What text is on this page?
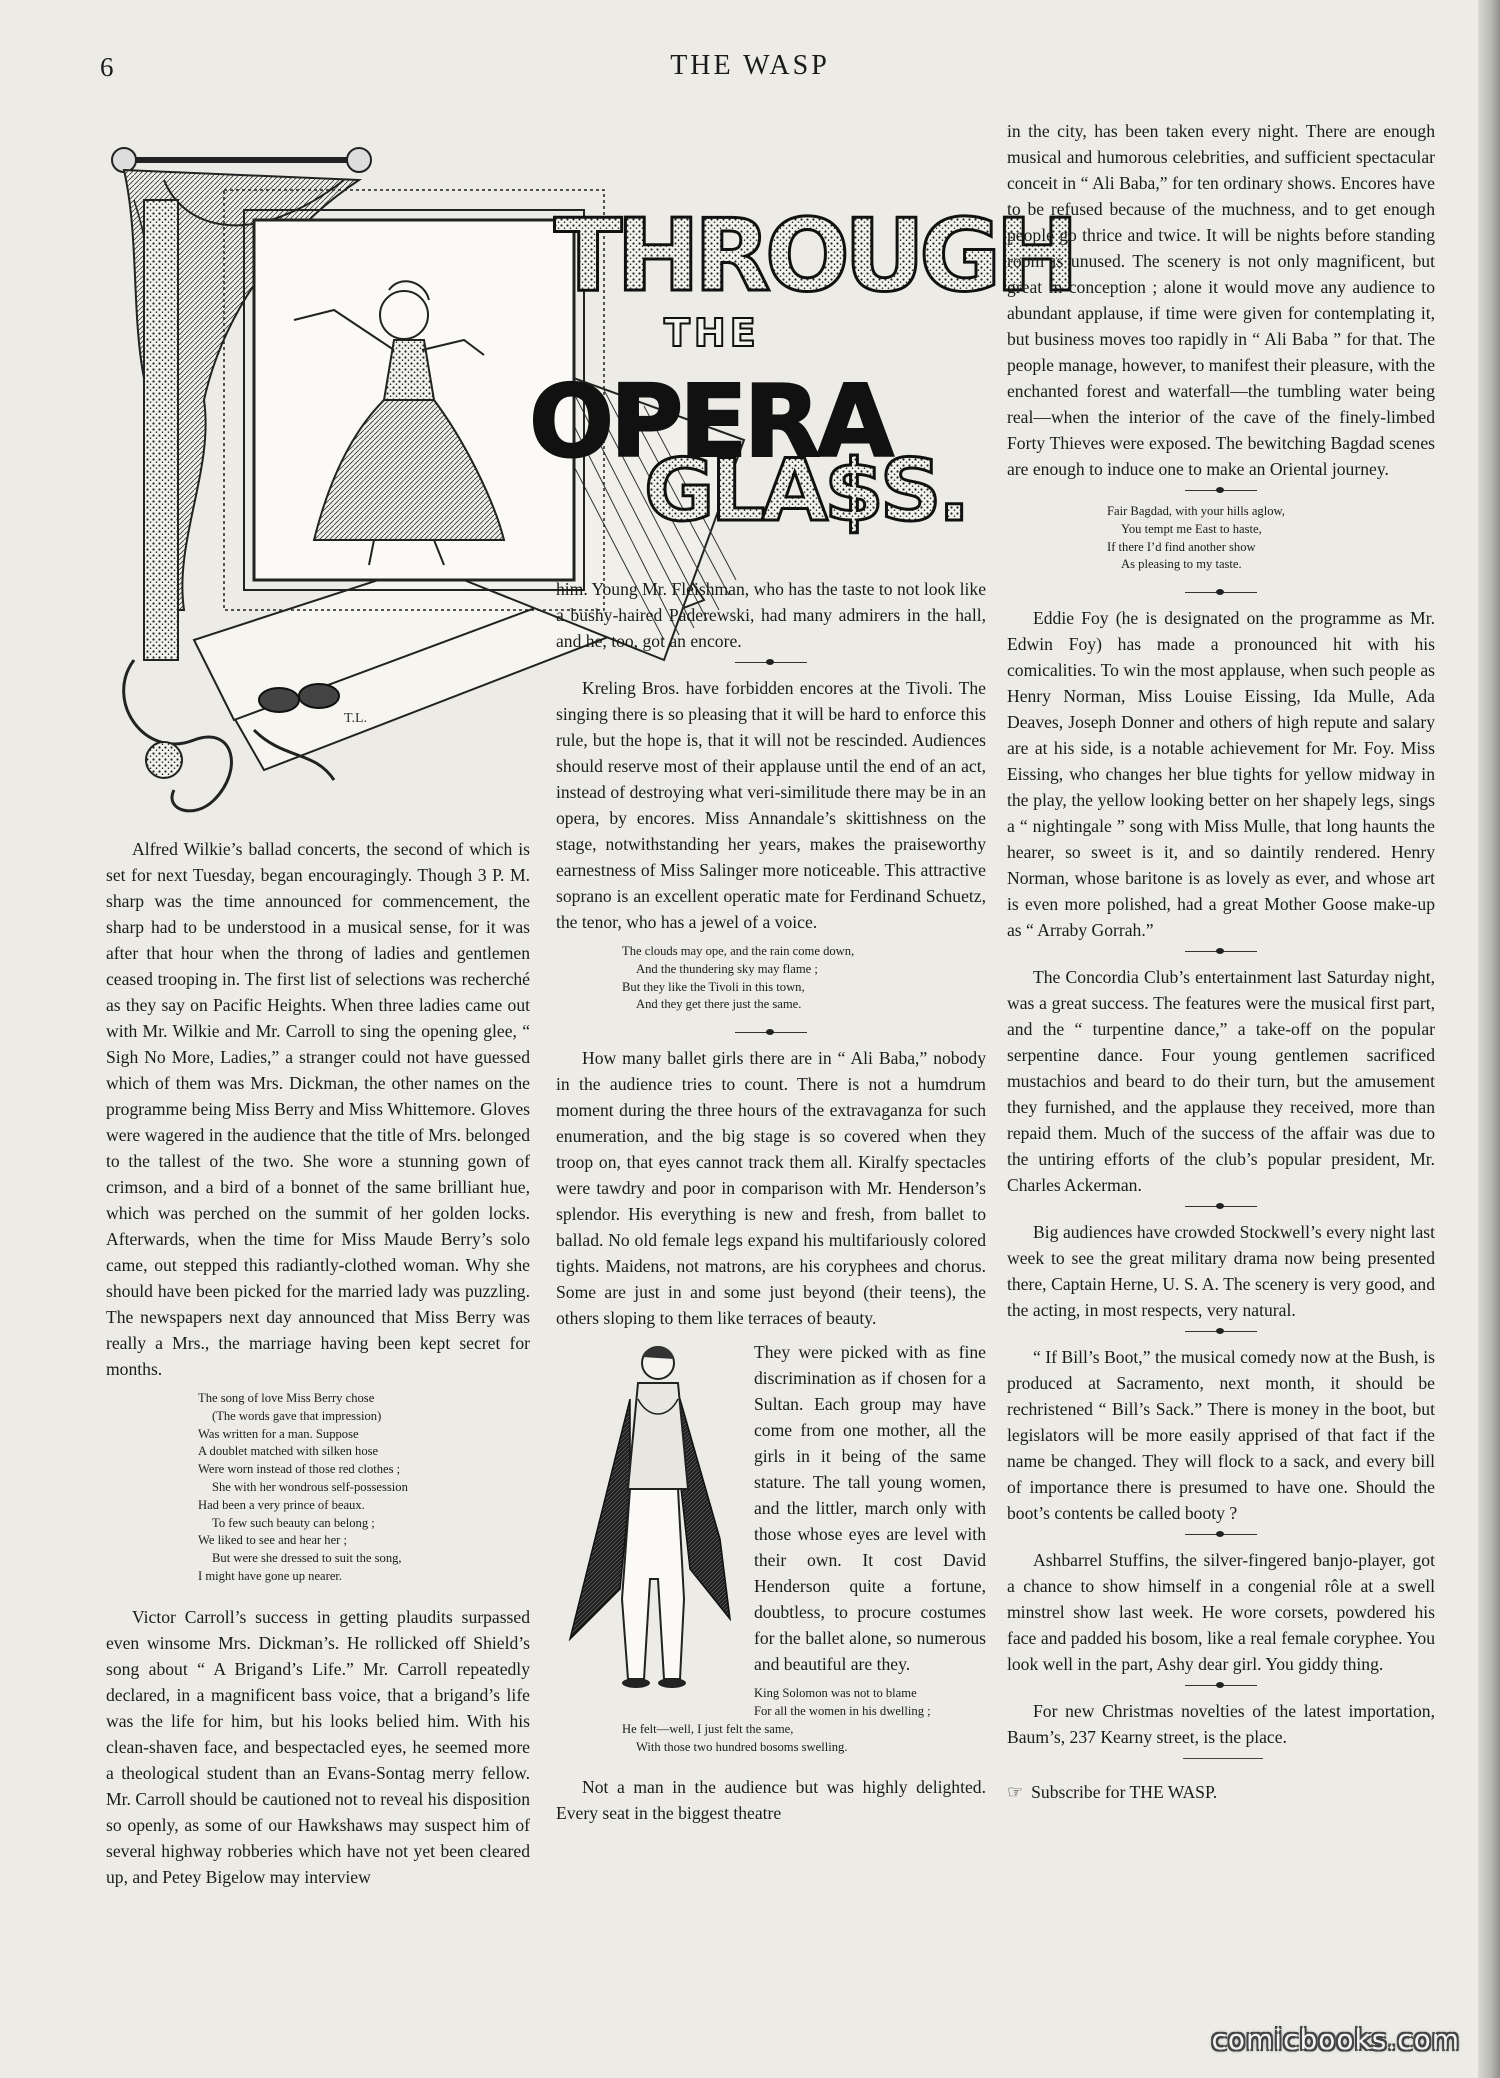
6	THE WASP
T.L.
THROUGH
THE
OPERA
GLA$S.

Alfred Wilkie’s ballad concerts, the second of which is set for next Tuesday, began encouragingly. Though 3 P. M. sharp was the time announced for commencement, the sharp had to be understood in a musical sense, for it was after that hour when the throng of ladies and gentlemen ceased trooping in. The first list of selections was recherché as they say on Pacific Heights. When three ladies came out with Mr. Wilkie and Mr. Carroll to sing the opening glee, “ Sigh No More, Ladies,” a stranger could not have guessed which of them was Mrs. Dickman, the other names on the programme being Miss Berry and Miss Whittemore. Gloves were wagered in the audience that the title of Mrs. belonged to the tallest of the two. She wore a stunning gown of crimson, and a bird of a bonnet of the same brilliant hue, which was perched on the summit of her golden locks. Afterwards, when the time for Miss Maude Berry’s solo came, out stepped this radiantly-clothed woman. Why she should have been picked for the married lady was puzzling. The newspapers next day announced that Miss Berry was really a Mrs., the marriage having been kept secret for months.

The song of love Miss Berry chose
(The words gave that impression)
Was written for a man. Suppose
A doublet matched with silken hose
Were worn instead of those red clothes ;
She with her wondrous self-possession
Had been a very prince of beaux.
To few such beauty can belong ;
We liked to see and hear her ;
But were she dressed to suit the song,
I might have gone up nearer.

Victor Carroll’s success in getting plaudits surpassed even winsome Mrs. Dickman’s. He rollicked off Shield’s song about “ A Brigand’s Life.” Mr. Carroll repeatedly declared, in a magnificent bass voice, that a brigand’s life was the life for him, but his looks belied him. With his clean-shaven face, and bespectacled eyes, he seemed more a theological student than an Evans-Sontag merry fellow. Mr. Carroll should be cautioned not to reveal his disposition so openly, as some of our Hawkshaws may suspect him of several highway robberies which have not yet been cleared up, and Petey Bigelow may interview

him. Young Mr. Fleishman, who has the taste to not look like a bushy-haired Paderewski, had many admirers in the hall, and he, too, got an encore.

Kreling Bros. have forbidden encores at the Tivoli. The singing there is so pleasing that it will be hard to enforce this rule, but the hope is, that it will not be rescinded. Audiences should reserve most of their applause until the end of an act, instead of destroying what veri-similitude there may be in an opera, by encores. Miss Annandale’s skittishness on the stage, notwithstanding her years, makes the praiseworthy earnestness of Miss Salinger more noticeable. This attractive soprano is an excellent operatic mate for Ferdinand Schuetz, the tenor, who has a jewel of a voice.

The clouds may ope, and the rain come down,
And the thundering sky may flame ;
But they like the Tivoli in this town,
And they get there just the same.

How many ballet girls there are in “ Ali Baba,” nobody in the audience tries to count. There is not a humdrum moment during the three hours of the extravaganza for such enumeration, and the big stage is so covered when they troop on, that eyes cannot track them all. Kiralfy spectacles were tawdry and poor in comparison with Mr. Henderson’s splendor. His everything is new and fresh, from ballet to ballad. No old female legs expand his multifariously colored tights. Maidens, not matrons, are his coryphees and chorus. Some are just in and some just beyond (their teens), the others sloping to them like terraces of beauty.

They were picked with as fine discrimination as if chosen for a Sultan. Each group may have come from one mother, all the girls in it being of the same stature. The tall young women, and the littler, march only with those whose eyes are level with their own. It cost David Henderson quite a fortune, doubtless, to procure costumes for the ballet alone, so numerous and beautiful are they.

King Solomon was not to blame
For all the women in his dwelling ;
He felt—well, I just felt the same,
With those two hundred bosoms swelling.

Not a man in the audience but was highly delighted. Every seat in the biggest theatre

in the city, has been taken every night. There are enough musical and humorous celebrities, and sufficient spectacular conceit in “ Ali Baba,” for ten ordinary shows. Encores have to be refused because of the muchness, and to get enough people go thrice and twice. It will be nights before standing room is unused. The scenery is not only magnificent, but great in conception ; alone it would move any audience to abundant applause, if time were given for contemplating it, but business moves too rapidly in “ Ali Baba ” for that. The people manage, however, to manifest their pleasure, with the enchanted forest and waterfall—the tumbling water being real—when the interior of the cave of the finely-limbed Forty Thieves were exposed. The bewitching Bagdad scenes are enough to induce one to make an Oriental journey.

Fair Bagdad, with your hills aglow,
You tempt me East to haste,
If there I’d find another show
As pleasing to my taste.

Eddie Foy (he is designated on the programme as Mr. Edwin Foy) has made a pronounced hit with his comicalities. To win the most applause, when such people as Henry Norman, Miss Louise Eissing, Ida Mulle, Ada Deaves, Joseph Donner and others of high repute and salary are at his side, is a notable achievement for Mr. Foy. Miss Eissing, who changes her blue tights for yellow midway in the play, the yellow looking better on her shapely legs, sings a “ nightingale ” song with Miss Mulle, that long haunts the hearer, so sweet is it, and so daintily rendered. Henry Norman, whose baritone is as lovely as ever, and whose art is even more polished, had a great Mother Goose make-up as “ Arraby Gorrah.”

The Concordia Club’s entertainment last Saturday night, was a great success. The features were the musical first part, and the “ turpentine dance,” a take-off on the popular serpentine dance. Four young gentlemen sacrificed mustachios and beard to do their turn, but the amusement they furnished, and the applause they received, more than repaid them. Much of the success of the affair was due to the untiring efforts of the club’s popular president, Mr. Charles Ackerman.

Big audiences have crowded Stockwell’s every night last week to see the great military drama now being presented there, Captain Herne, U. S. A. The scenery is very good, and the acting, in most respects, very natural.

“ If Bill’s Boot,” the musical comedy now at the Bush, is produced at Sacramento, next month, it should be rechristened “ Bill’s Sack.” There is money in the boot, but legislators will be more easily apprised of that fact if the name be changed. They will flock to a sack, and every bill of importance there is presumed to have one. Should the boot’s contents be called booty ?

Ashbarrel Stuffins, the silver-fingered banjo-player, got a chance to show himself in a congenial rôle at a swell minstrel show last week. He wore corsets, powdered his face and padded his bosom, like a real female coryphee. You look well in the part, Ashy dear girl. You giddy thing.

For new Christmas novelties of the latest importation, Baum’s, 237 Kearny street, is the place.

☞ Subscribe for THE WASP.

comicbooks.com
